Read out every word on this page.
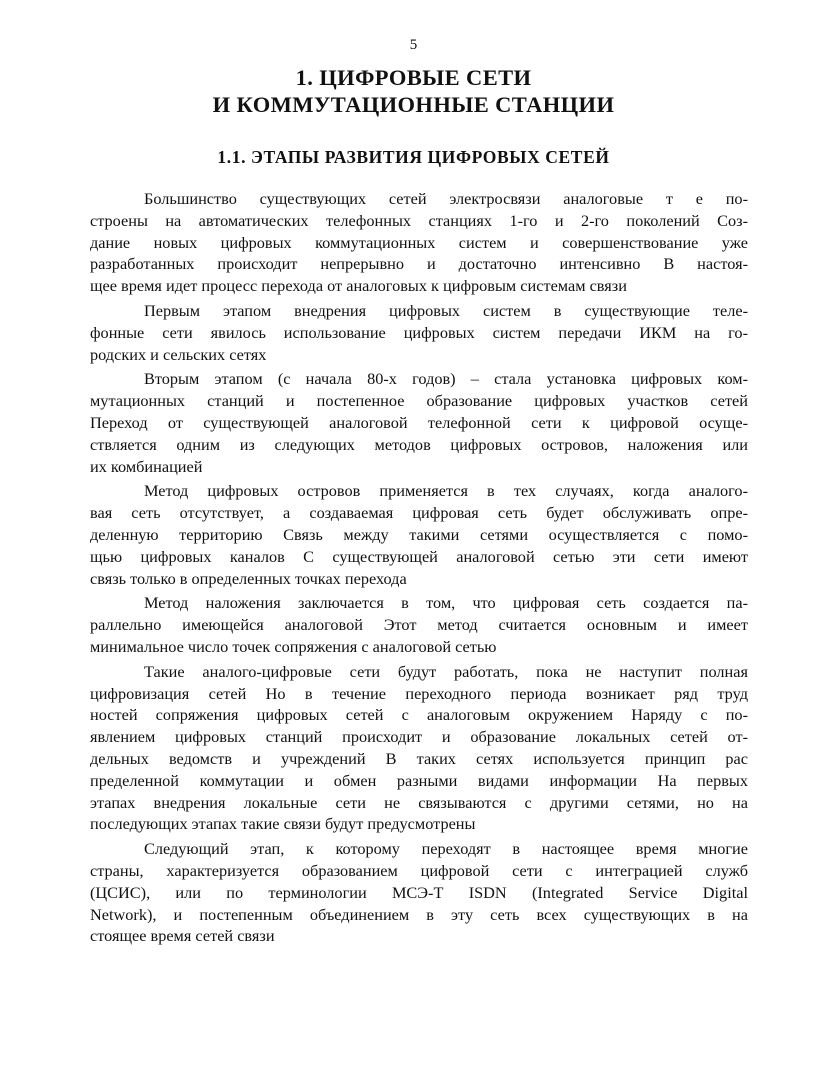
5
1. ЦИФРОВЫЕ СЕТИ
И КОММУТАЦИОННЫЕ СТАНЦИИ
1.1. ЭТАПЫ РАЗВИТИЯ ЦИФРОВЫХ СЕТЕЙ
Большинство существующих сетей электросвязи аналоговые т е по-
строены на автоматических телефонных станциях 1-го и 2-го поколений Соз-
дание новых цифровых коммутационных систем и совершенствование уже
разработанных происходит непрерывно и достаточно интенсивно В настоя-
щее время идет процесс перехода от аналоговых к цифровым системам связи
Первым этапом внедрения цифровых систем в существующие теле-
фонные сети явилось использование цифровых систем передачи ИКМ на го-
родских и сельских сетях
Вторым этапом (с начала 80-х годов) – стала установка цифровых ком-
мутационных станций и постепенное образование цифровых участков сетей
Переход от существующей аналоговой телефонной сети к цифровой осуще-
ствляется одним из следующих методов цифровых островов, наложения или
их комбинацией
Метод цифровых островов применяется в тех случаях, когда аналого-
вая сеть отсутствует, а создаваемая цифровая сеть будет обслуживать опре-
деленную территорию Связь между такими сетями осуществляется с помо-
щью цифровых каналов С существующей аналоговой сетью эти сети имеют
связь только в определенных точках перехода
Метод наложения заключается в том, что цифровая сеть создается па-
раллельно имеющейся аналоговой Этот метод считается основным и имеет
минимальное число точек сопряжения с аналоговой сетью
Такие аналого-цифровые сети будут работать, пока не наступит полная
цифровизация сетей Но в течение переходного периода возникает ряд труд
ностей сопряжения цифровых сетей с аналоговым окружением Наряду с по-
явлением цифровых станций происходит и образование локальных сетей от-
дельных ведомств и учреждений В таких сетях используется принцип рас
пределенной коммутации и обмен разными видами информации На первых
этапах внедрения локальные сети не связываются с другими сетями, но на
последующих этапах такие связи будут предусмотрены
Следующий этап, к которому переходят в настоящее время многие
страны, характеризуется образованием цифровой сети с интеграцией служб
(ЦСИС), или по терминологии МСЭ-Т ISDN (Integrated Service Digital
Network), и постепенным объединением в эту сеть всех существующих в на
стоящее время сетей связи
